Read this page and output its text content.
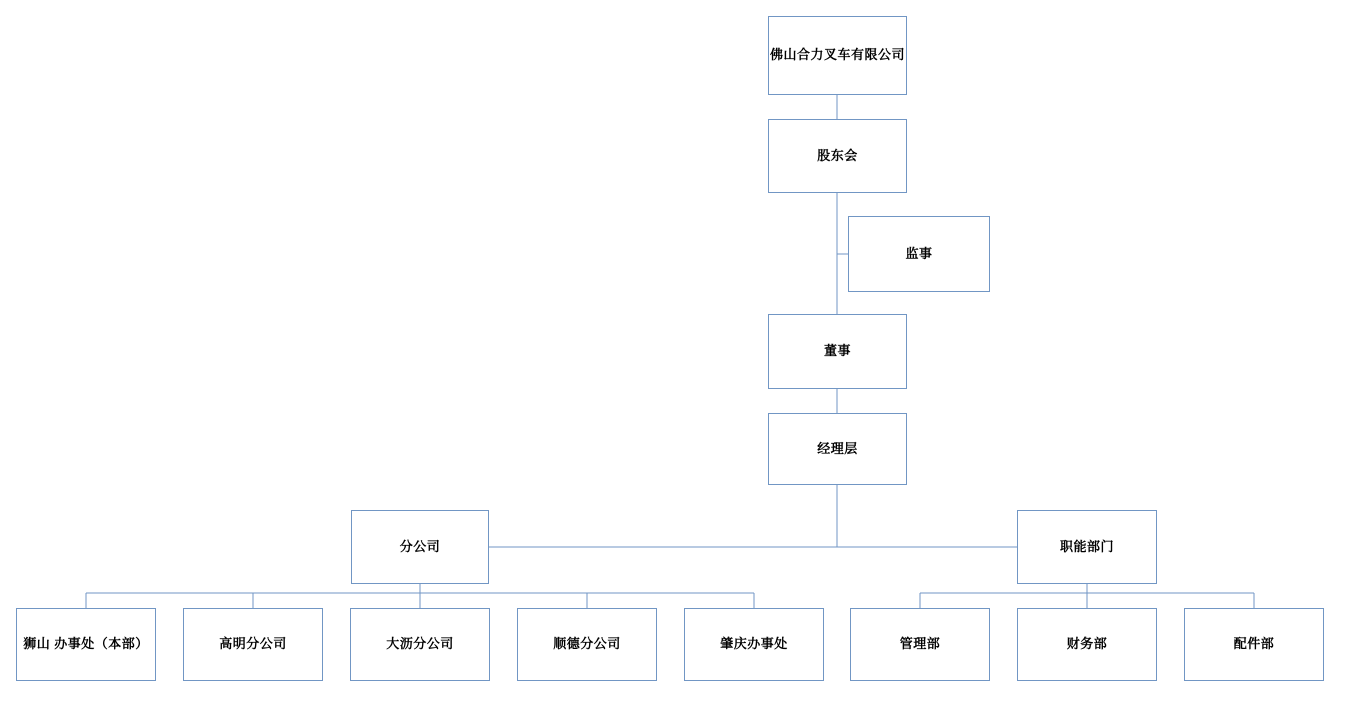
佛山合力叉车有限公司
股东会
监事
董事
经理层
分公司	职能部门
狮山 办事处（本部）	高明分公司	大沥分公司	顺德分公司	肇庆办事处	管理部	财务部	配件部
